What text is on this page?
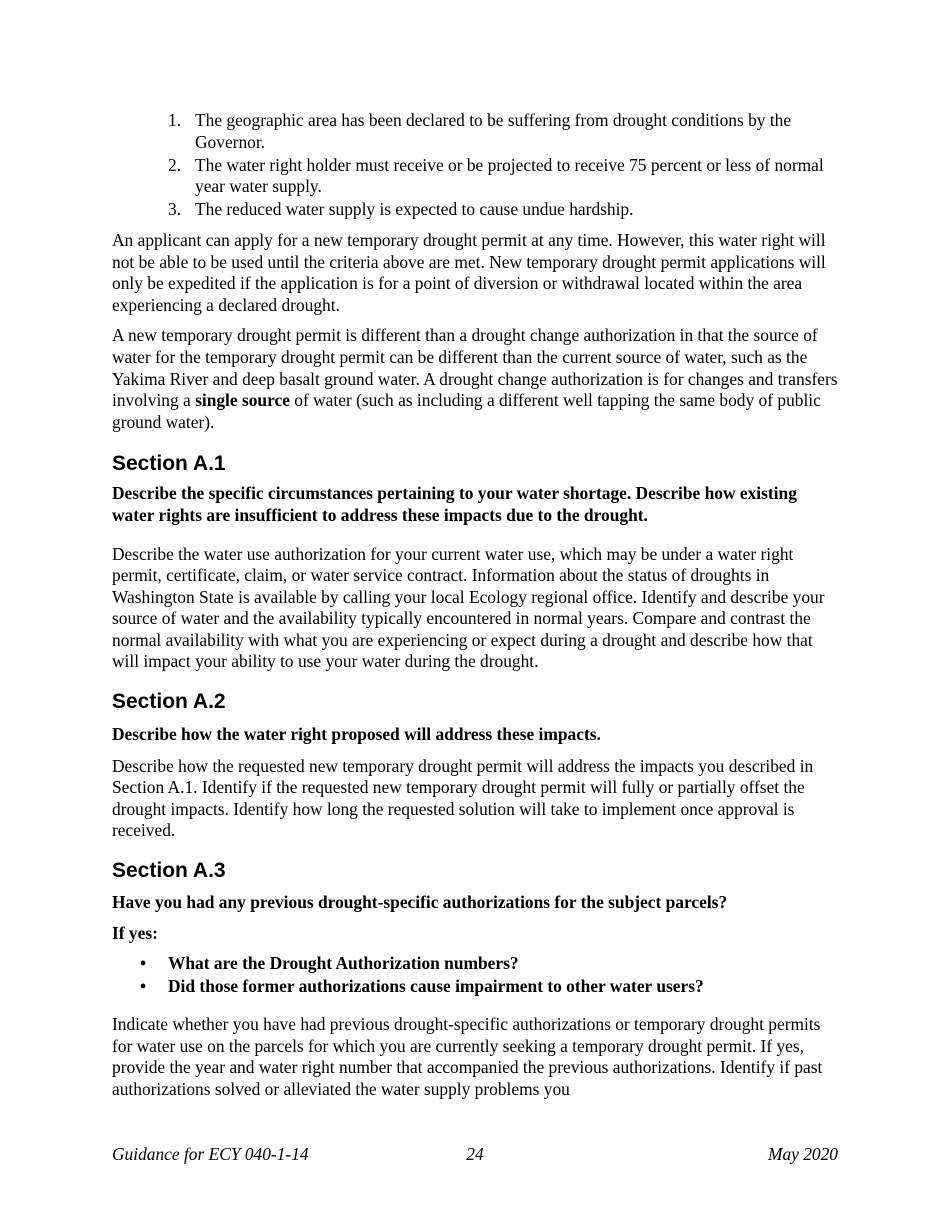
1. The geographic area has been declared to be suffering from drought conditions by the Governor.
2. The water right holder must receive or be projected to receive 75 percent or less of normal year water supply.
3. The reduced water supply is expected to cause undue hardship.

An applicant can apply for a new temporary drought permit at any time. However, this water right will not be able to be used until the criteria above are met. New temporary drought permit applications will only be expedited if the application is for a point of diversion or withdrawal located within the area experiencing a declared drought.

A new temporary drought permit is different than a drought change authorization in that the source of water for the temporary drought permit can be different than the current source of water, such as the Yakima River and deep basalt ground water. A drought change authorization is for changes and transfers involving a single source of water (such as including a different well tapping the same body of public ground water).

Section A.1

Describe the specific circumstances pertaining to your water shortage. Describe how existing water rights are insufficient to address these impacts due to the drought.

Describe the water use authorization for your current water use, which may be under a water right permit, certificate, claim, or water service contract. Information about the status of droughts in Washington State is available by calling your local Ecology regional office. Identify and describe your source of water and the availability typically encountered in normal years. Compare and contrast the normal availability with what you are experiencing or expect during a drought and describe how that will impact your ability to use your water during the drought.

Section A.2

Describe how the water right proposed will address these impacts.

Describe how the requested new temporary drought permit will address the impacts you described in Section A.1. Identify if the requested new temporary drought permit will fully or partially offset the drought impacts. Identify how long the requested solution will take to implement once approval is received.

Section A.3

Have you had any previous drought-specific authorizations for the subject parcels?

If yes:

• What are the Drought Authorization numbers?
• Did those former authorizations cause impairment to other water users?

Indicate whether you have had previous drought-specific authorizations or temporary drought permits for water use on the parcels for which you are currently seeking a temporary drought permit. If yes, provide the year and water right number that accompanied the previous authorizations. Identify if past authorizations solved or alleviated the water supply problems you

Guidance for ECY 040-1-14	24	May 2020
